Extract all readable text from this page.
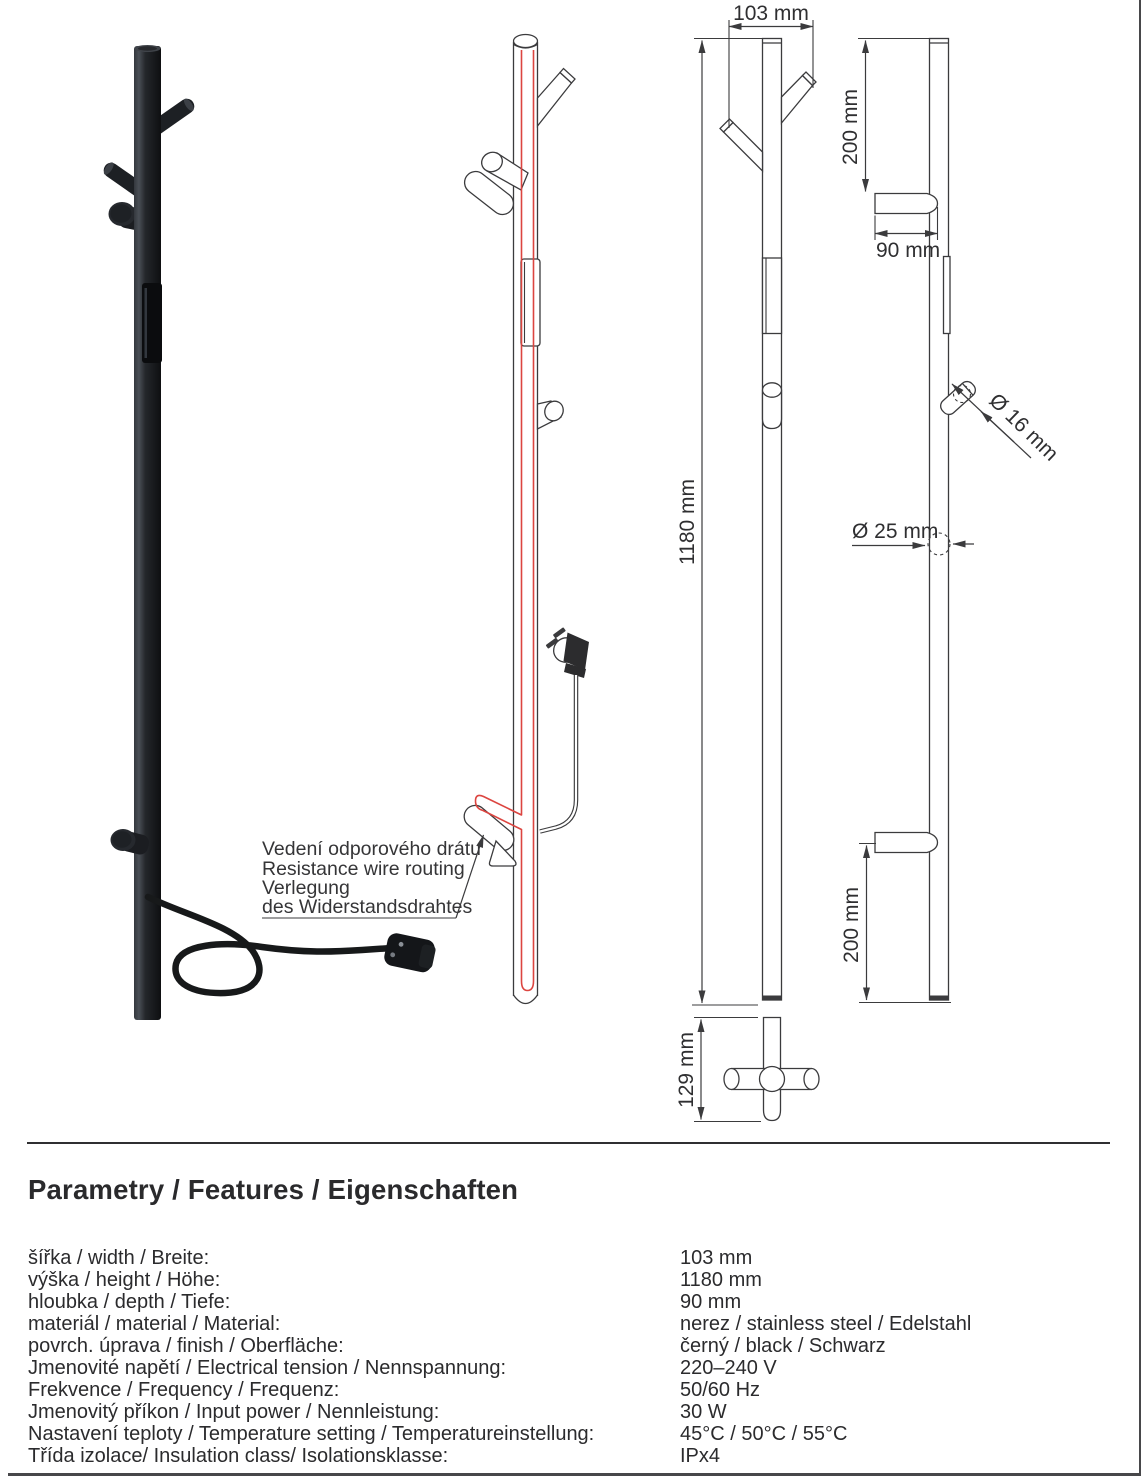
Vedení odporového drátu
Resistance wire routing
Verlegung
des Widerstandsdrahtes
103 mm
1180 mm
129 mm
200 mm
90 mm
Ø 16 mm
Ø 25 mm
200 mm
Parametry / Features / Eigenschaften
šířka / width / Breite:	103 mm
výška / height / Höhe:	1180 mm
hloubka / depth / Tiefe:	90 mm
materiál / material / Material:	nerez / stainless steel / Edelstahl
povrch. úprava / finish / Oberfläche:	černý / black / Schwarz
Jmenovité napětí / Electrical tension / Nennspannung:	220–240 V
Frekvence / Frequency / Frequenz:	50/60 Hz
Jmenovitý příkon / Input power / Nennleistung:	30 W
Nastavení teploty / Temperature setting / Temperatureinstellung:	45°C / 50°C / 55°C
Třída izolace/ Insulation class/ Isolationsklasse:	IPx4
